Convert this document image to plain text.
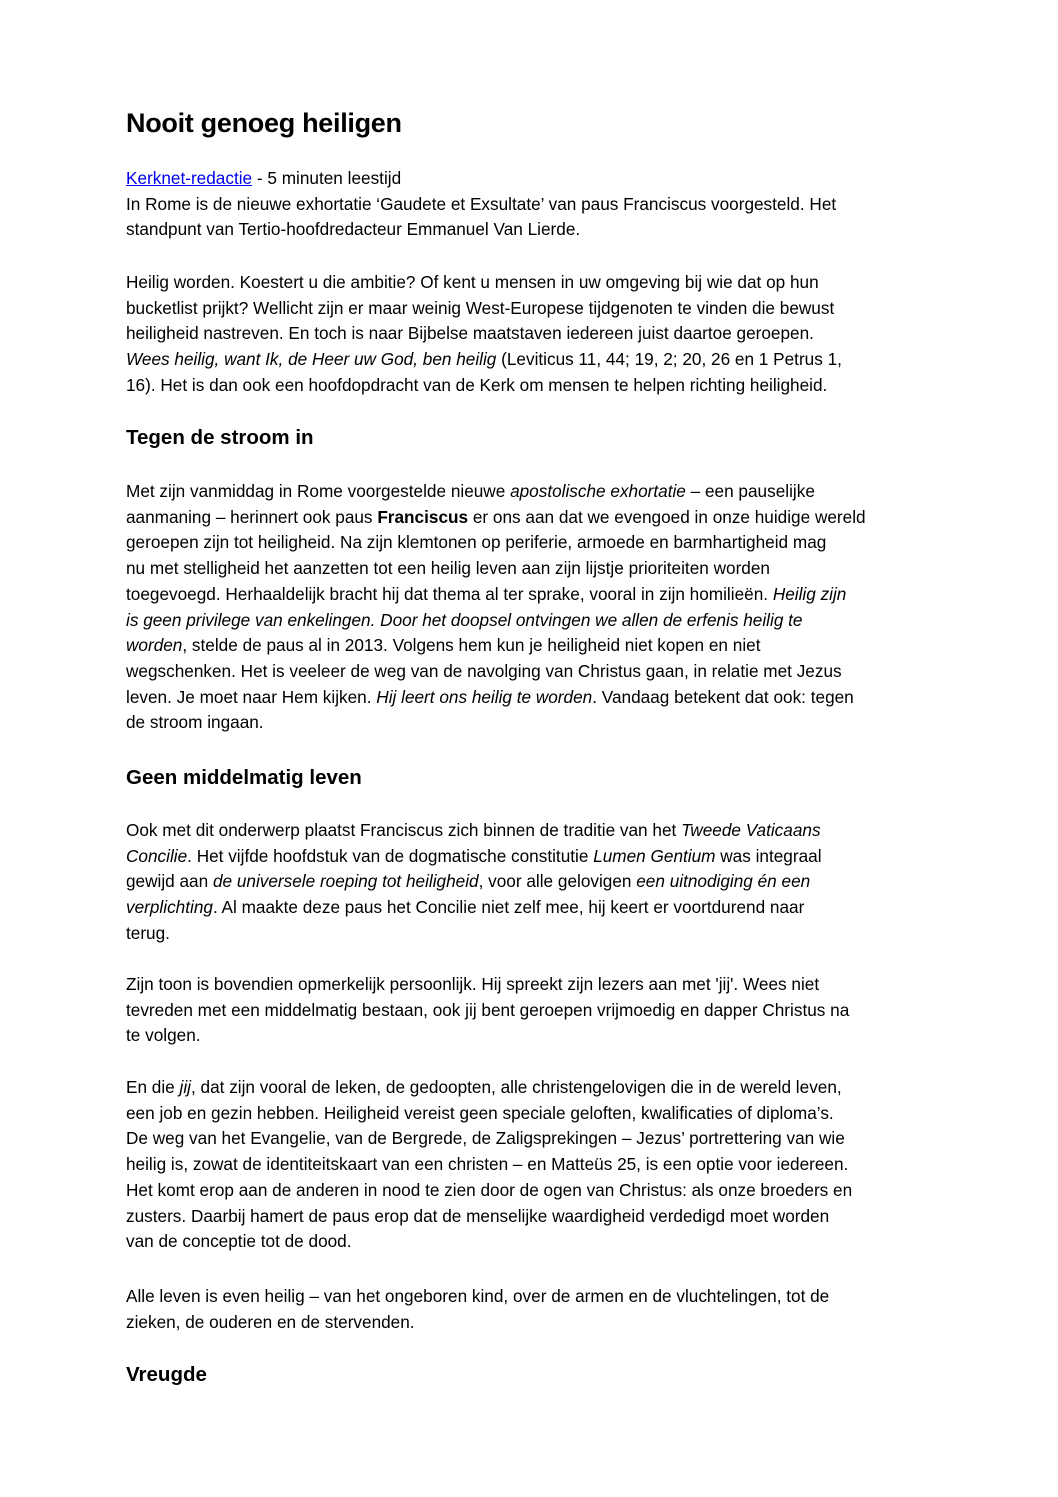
Nooit genoeg heiligen

Kerknet-redactie - 5 minuten leestijd
In Rome is de nieuwe exhortatie ‘Gaudete et Exsultate’ van paus Franciscus voorgesteld. Het
standpunt van Tertio-hoofdredacteur Emmanuel Van Lierde.

Heilig worden. Koestert u die ambitie? Of kent u mensen in uw omgeving bij wie dat op hun
bucketlist prijkt? Wellicht zijn er maar weinig West-Europese tijdgenoten te vinden die bewust
heiligheid nastreven. En toch is naar Bijbelse maatstaven iedereen juist daartoe geroepen.
Wees heilig, want Ik, de Heer uw God, ben heilig (Leviticus 11, 44; 19, 2; 20, 26 en 1 Petrus 1,
16). Het is dan ook een hoofdopdracht van de Kerk om mensen te helpen richting heiligheid.

Tegen de stroom in

Met zijn vanmiddag in Rome voorgestelde nieuwe apostolische exhortatie – een pauselijke
aanmaning – herinnert ook paus Franciscus er ons aan dat we evengoed in onze huidige wereld
geroepen zijn tot heiligheid. Na zijn klemtonen op periferie, armoede en barmhartigheid mag
nu met stelligheid het aanzetten tot een heilig leven aan zijn lijstje prioriteiten worden
toegevoegd. Herhaaldelijk bracht hij dat thema al ter sprake, vooral in zijn homilieën. Heilig zijn
is geen privilege van enkelingen. Door het doopsel ontvingen we allen de erfenis heilig te
worden, stelde de paus al in 2013. Volgens hem kun je heiligheid niet kopen en niet
wegschenken. Het is veeleer de weg van de navolging van Christus gaan, in relatie met Jezus
leven. Je moet naar Hem kijken. Hij leert ons heilig te worden. Vandaag betekent dat ook: tegen
de stroom ingaan.

Geen middelmatig leven

Ook met dit onderwerp plaatst Franciscus zich binnen de traditie van het Tweede Vaticaans
Concilie. Het vijfde hoofdstuk van de dogmatische constitutie Lumen Gentium was integraal
gewijd aan de universele roeping tot heiligheid, voor alle gelovigen een uitnodiging én een
verplichting. Al maakte deze paus het Concilie niet zelf mee, hij keert er voortdurend naar
terug.

Zijn toon is bovendien opmerkelijk persoonlijk. Hij spreekt zijn lezers aan met 'jij'. Wees niet
tevreden met een middelmatig bestaan, ook jij bent geroepen vrijmoedig en dapper Christus na
te volgen.

En die jij, dat zijn vooral de leken, de gedoopten, alle christengelovigen die in de wereld leven,
een job en gezin hebben. Heiligheid vereist geen speciale geloften, kwalificaties of diploma’s.
De weg van het Evangelie, van de Bergrede, de Zaligsprekingen – Jezus’ portrettering van wie
heilig is, zowat de identiteitskaart van een christen – en Matteüs 25, is een optie voor iedereen.
Het komt erop aan de anderen in nood te zien door de ogen van Christus: als onze broeders en
zusters. Daarbij hamert de paus erop dat de menselijke waardigheid verdedigd moet worden
van de conceptie tot de dood.

Alle leven is even heilig – van het ongeboren kind, over de armen en de vluchtelingen, tot de
zieken, de ouderen en de stervenden.

Vreugde
